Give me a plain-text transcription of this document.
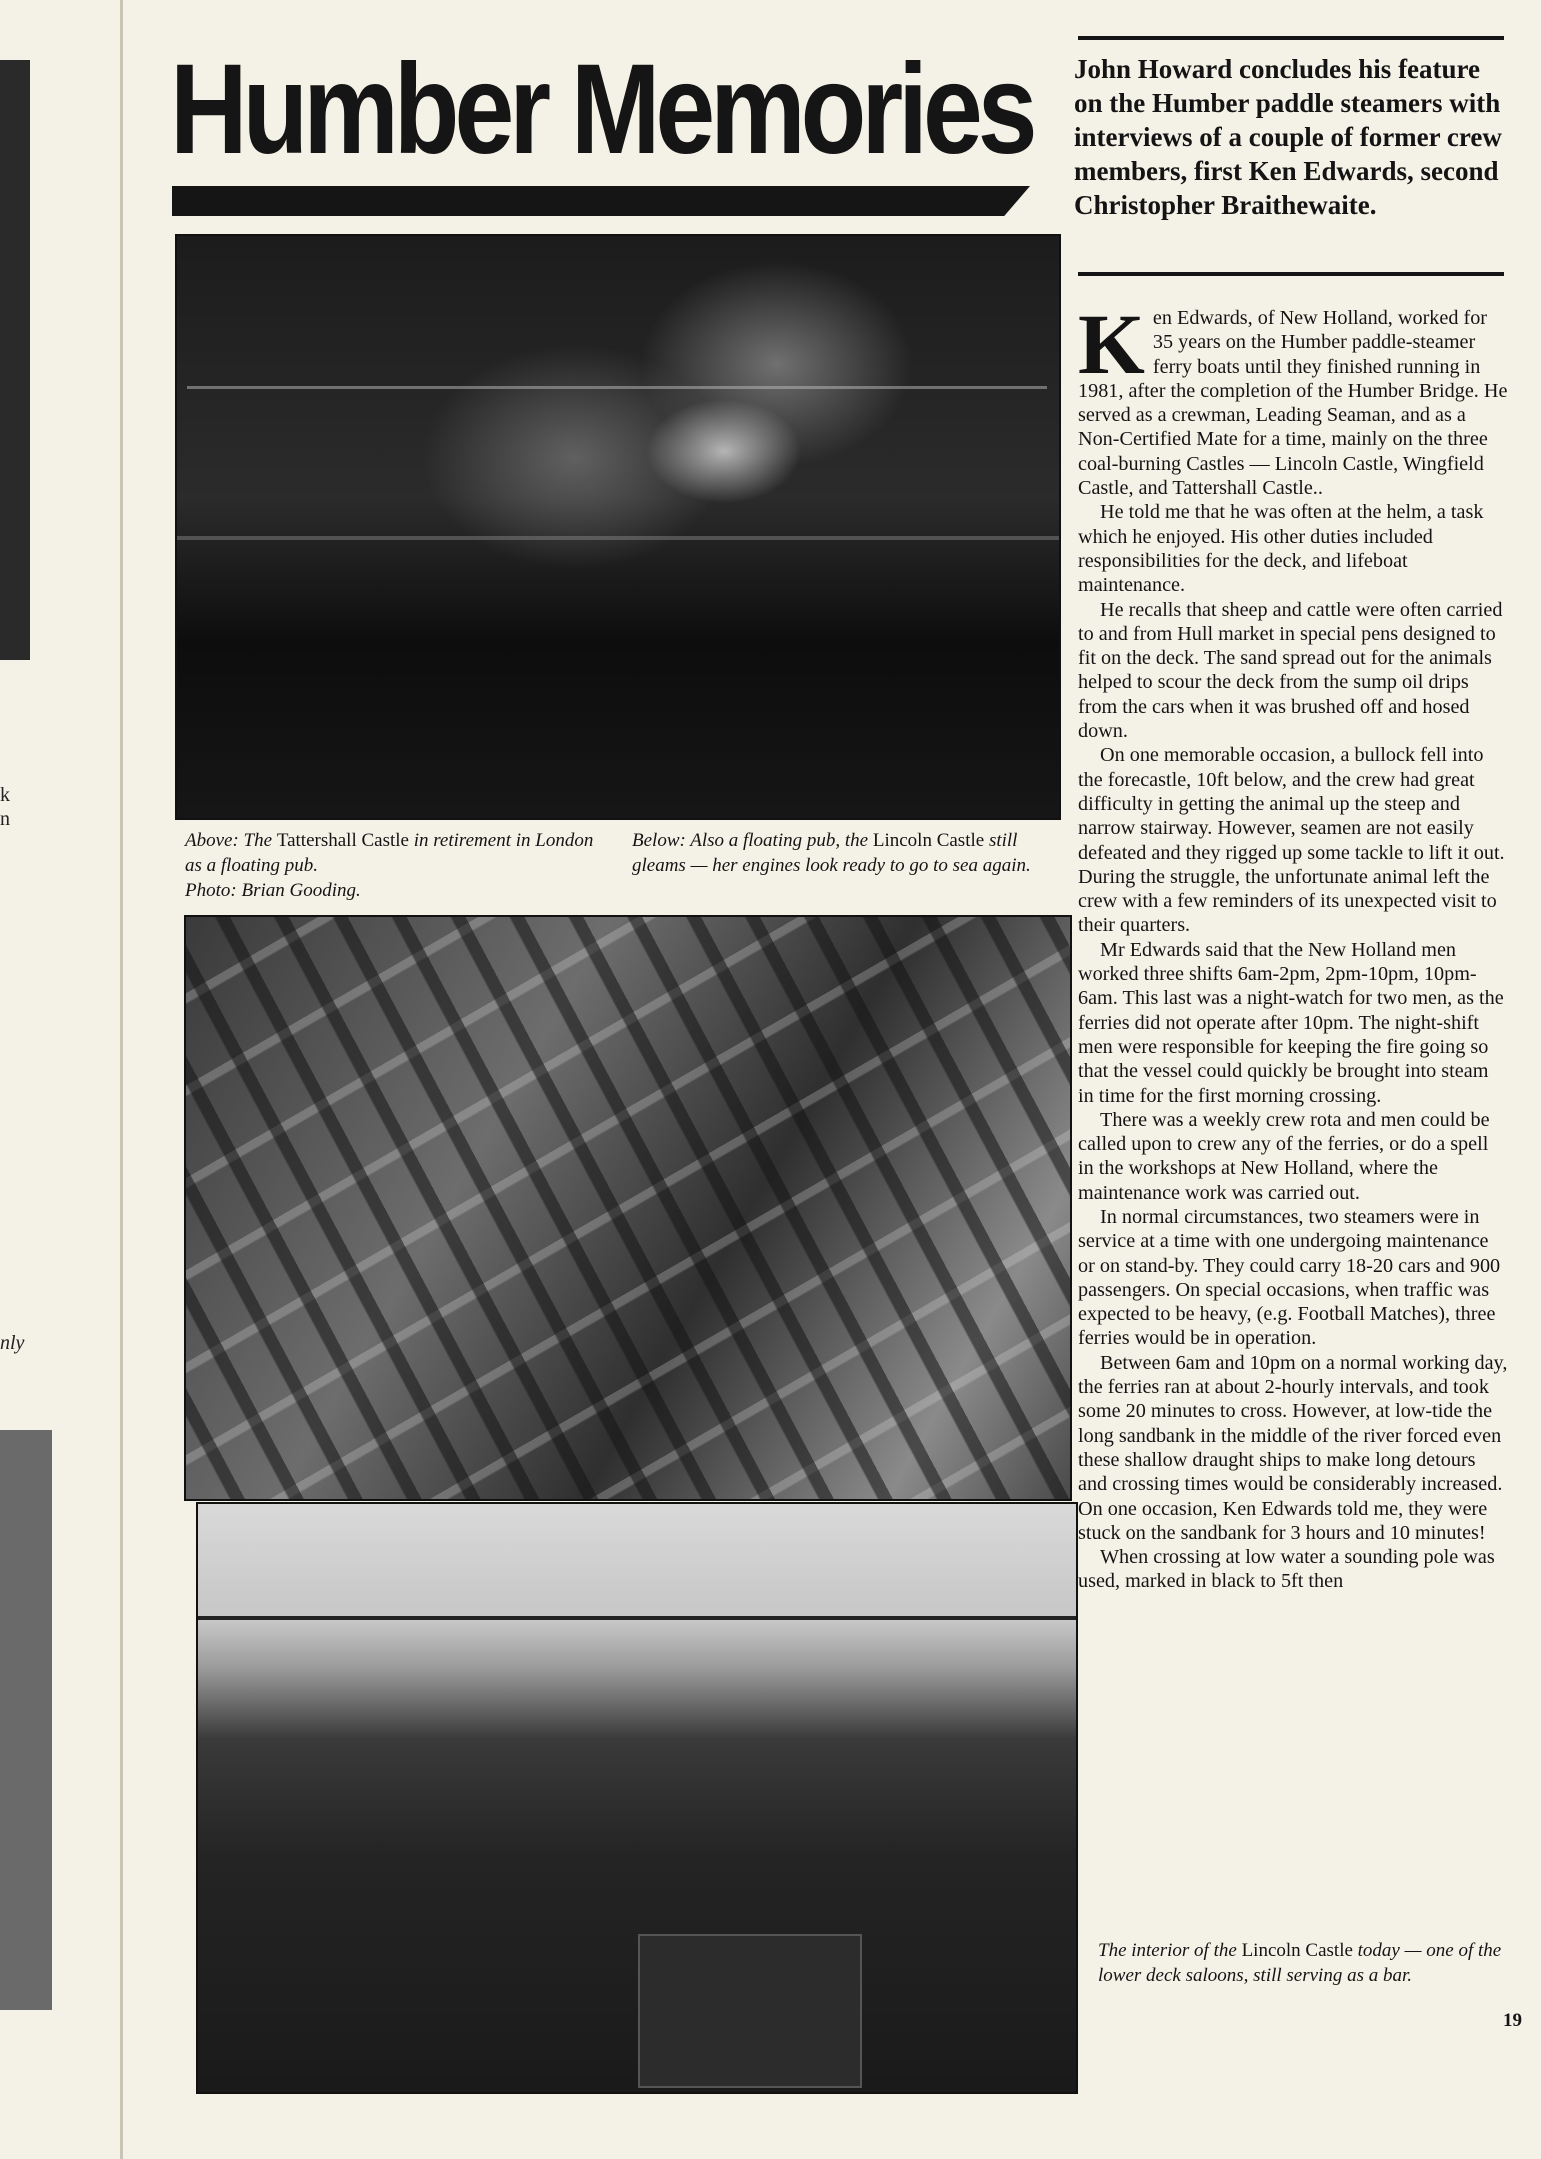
k
n
nly
Humber Memories John Howard concludes his feature on the Humber paddle steamers with interviews of a couple of former crew members, first Ken Edwards, second Christopher Braithewaite.
Above: The Tattershall Castle in retirement in London as a floating pub.
Photo: Brian Gooding.
Below: Also a floating pub, the Lincoln Castle still gleams — her engines look ready to go to sea again.

Ken Edwards, of New Holland, worked for 35 years on the Humber paddle-steamer ferry boats until they finished running in 1981, after the completion of the Humber Bridge. He served as a crewman, Leading Seaman, and as a Non-Certified Mate for a time, mainly on the three coal-burning Castles — Lincoln Castle, Wingfield Castle, and Tattershall Castle..

He told me that he was often at the helm, a task which he enjoyed. His other duties included responsibilities for the deck, and lifeboat maintenance.

He recalls that sheep and cattle were often carried to and from Hull market in special pens designed to fit on the deck. The sand spread out for the animals helped to scour the deck from the sump oil drips from the cars when it was brushed off and hosed down.

On one memorable occasion, a bullock fell into the forecastle, 10ft below, and the crew had great difficulty in getting the animal up the steep and narrow stairway. However, seamen are not easily defeated and they rigged up some tackle to lift it out. During the struggle, the unfortunate animal left the crew with a few reminders of its unexpected visit to their quarters.

Mr Edwards said that the New Holland men worked three shifts 6am-2pm, 2pm-10pm, 10pm-6am. This last was a night-watch for two men, as the ferries did not operate after 10pm. The night-shift men were responsible for keeping the fire going so that the vessel could quickly be brought into steam in time for the first morning crossing.

There was a weekly crew rota and men could be called upon to crew any of the ferries, or do a spell in the workshops at New Holland, where the maintenance work was carried out.

In normal circumstances, two steamers were in service at a time with one undergoing maintenance or on stand-by. They could carry 18-20 cars and 900 passengers. On special occasions, when traffic was expected to be heavy, (e.g. Football Matches), three ferries would be in operation.

Between 6am and 10pm on a normal working day, the ferries ran at about 2-hourly intervals, and took some 20 minutes to cross. However, at low-tide the long sandbank in the middle of the river forced even these shallow draught ships to make long detours and crossing times would be considerably increased. On one occasion, Ken Edwards told me, they were stuck on the sandbank for 3 hours and 10 minutes!

When crossing at low water a sounding pole was used, marked in black to 5ft then

The interior of the Lincoln Castle today — one of the lower deck saloons, still serving as a bar.
19
